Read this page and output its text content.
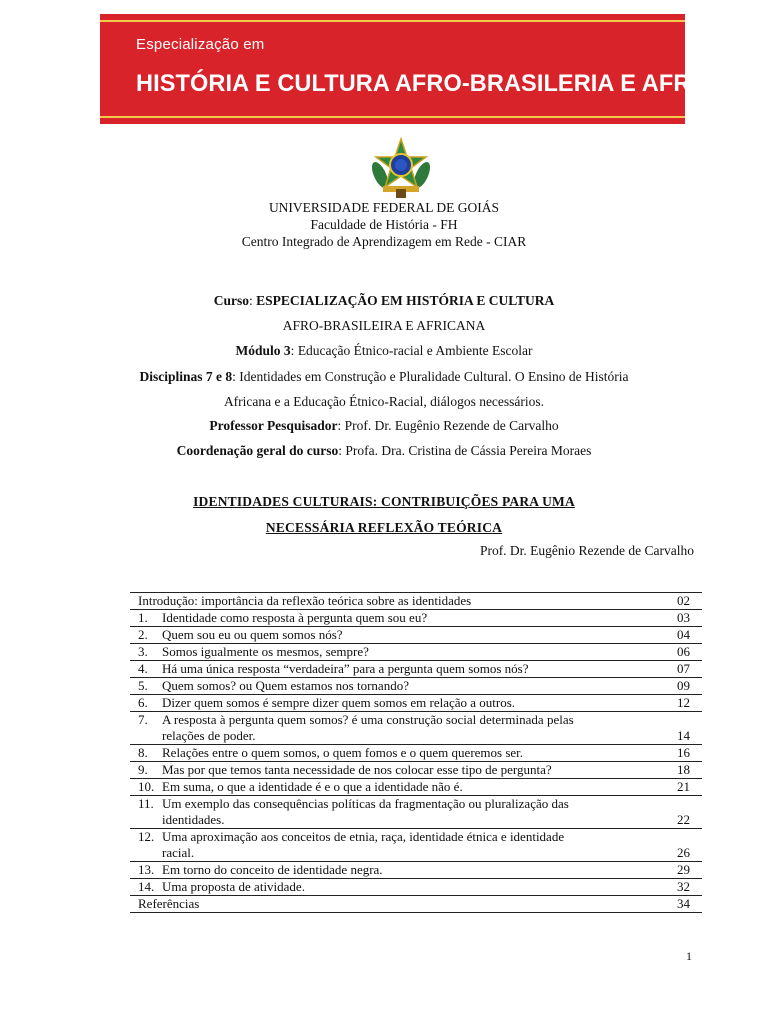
Especialização em
HISTÓRIA E CULTURA AFRO-BRASILERIA E AFRICANA
UNIVERSIDADE FEDERAL DE GOIÁS
Faculdade de História - FH
Centro Integrado de Aprendizagem em Rede - CIAR
Curso: ESPECIALIZAÇÃO EM HISTÓRIA E CULTURA
AFRO-BRASILEIRA E AFRICANA
Módulo 3: Educação Étnico-racial e Ambiente Escolar
Disciplinas 7 e 8: Identidades em Construção e Pluralidade Cultural. O Ensino de História
Africana e a Educação Étnico-Racial, diálogos necessários.
Professor Pesquisador: Prof. Dr. Eugênio Rezende de Carvalho
Coordenação geral do curso: Profa. Dra. Cristina de Cássia Pereira Moraes
IDENTIDADES CULTURAIS: CONTRIBUIÇÕES PARA UMA
NECESSÁRIA REFLEXÃO TEÓRICA
Prof. Dr. Eugênio Rezende de Carvalho
Introdução: importância da reflexão teórica sobre as identidades		02
1.	Identidade como resposta à pergunta quem sou eu?	03
2.	Quem sou eu ou quem somos nós?	04
3.	Somos igualmente os mesmos, sempre?	06
4.	Há uma única resposta “verdadeira” para a pergunta quem somos nós?	07
5.	Quem somos? ou Quem estamos nos tornando?	09
6.	Dizer quem somos é sempre dizer quem somos em relação a outros.	12
7.	A resposta à pergunta quem somos? é uma construção social determinada pelas
relações de poder.	14
8.	Relações entre o quem somos, o quem fomos e o quem queremos ser.	16
9.	Mas por que temos tanta necessidade de nos colocar esse tipo de pergunta?	18
10.	Em suma, o que a identidade é e o que a identidade não é.	21
11.	Um exemplo das consequências políticas da fragmentação ou pluralização das
identidades.	22
12.	Uma aproximação aos conceitos de etnia, raça, identidade étnica e identidade
racial.	26
13.	Em torno do conceito de identidade negra.	29
14.	Uma proposta de atividade.	32
Referências		34
1
